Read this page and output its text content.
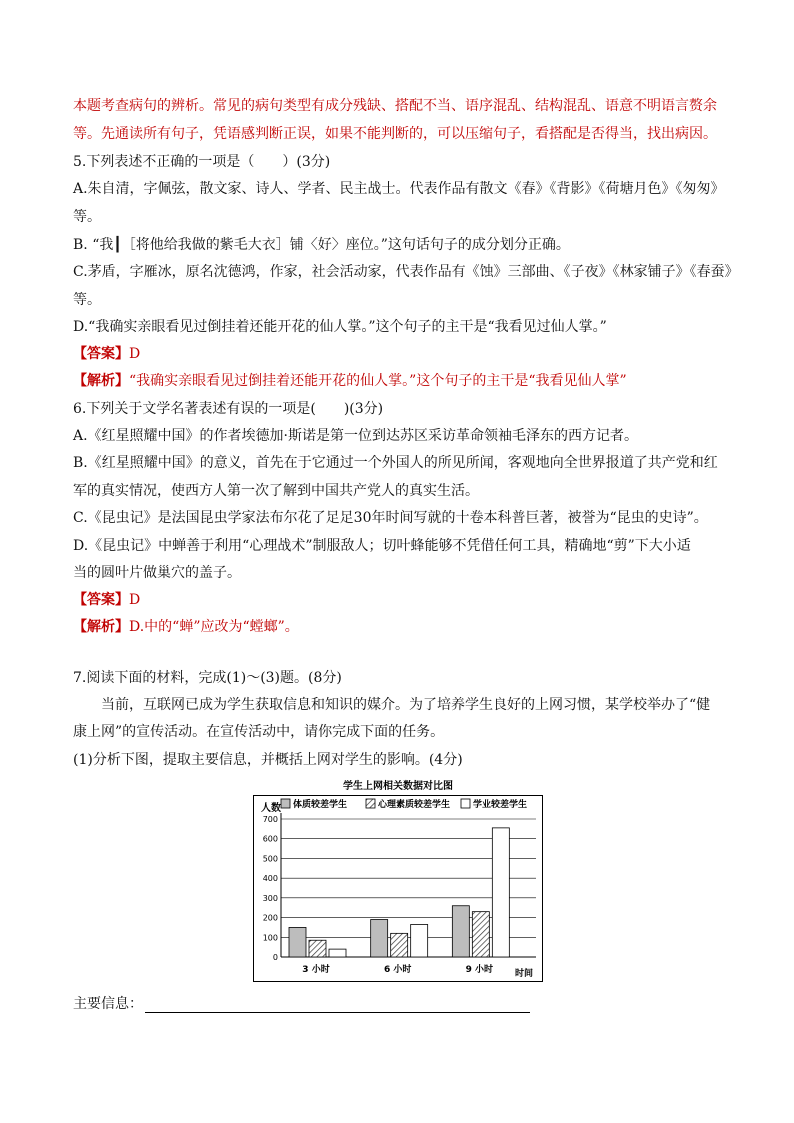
本题考查病句的辨析。常见的病句类型有成分残缺、搭配不当、语序混乱、结构混乱、语意不明语言赘余
等。先通读所有句子，凭语感判断正误，如果不能判断的，可以压缩句子，看搭配是否得当，找出病因。
5.下列表述不正确的一项是（　　）(3分)
A.朱自清，字佩弦，散文家、诗人、学者、民主战士。代表作品有散文《春》《背影》《荷塘月色》《匆匆》
等。
B. “我┃［将他给我做的紫毛大衣］铺〈好〉座位。”这句话句子的成分划分正确。
C.茅盾，字雁冰，原名沈德鸿，作家，社会活动家，代表作品有《蚀》三部曲、《子夜》《林家铺子》《春蚕》
等。
D.“我确实亲眼看见过倒挂着还能开花的仙人掌。”这个句子的主干是“我看见过仙人掌。”
【答案】D
【解析】“我确实亲眼看见过倒挂着还能开花的仙人掌。”这个句子的主干是“我看见仙人掌”
6.下列关于文学名著表述有误的一项是(　　)(3分)
A.《红星照耀中国》的作者埃德加·斯诺是第一位到达苏区采访革命领袖毛泽东的西方记者。
B.《红星照耀中国》的意义，首先在于它通过一个外国人的所见所闻，客观地向全世界报道了共产党和红
军的真实情况，使西方人第一次了解到中国共产党人的真实生活。
C.《昆虫记》是法国昆虫学家法布尔花了足足30年时间写就的十卷本科普巨著，被誉为“昆虫的史诗”。
D.《昆虫记》中蝉善于利用“心理战术”制服敌人；切叶蜂能够不凭借任何工具，精确地“剪”下大小适
当的圆叶片做巢穴的盖子。
【答案】D
【解析】D.中的“蝉”应改为“螳螂”。
7.阅读下面的材料，完成(1)～(3)题。(8分)
当前，互联网已成为学生获取信息和知识的媒介。为了培养学生良好的上网习惯，某学校举办了“健
康上网”的宣传活动。在宣传活动中，请你完成下面的任务。
(1)分析下图，提取主要信息，并概括上网对学生的影响。(4分)
学生上网相关数据对比图
0
100
200
300
400
500
600
700
3 小时	6 小时	9 小时
体质较差学生	心理素质较差学生	学业较差学生
人数
时间
主要信息：
